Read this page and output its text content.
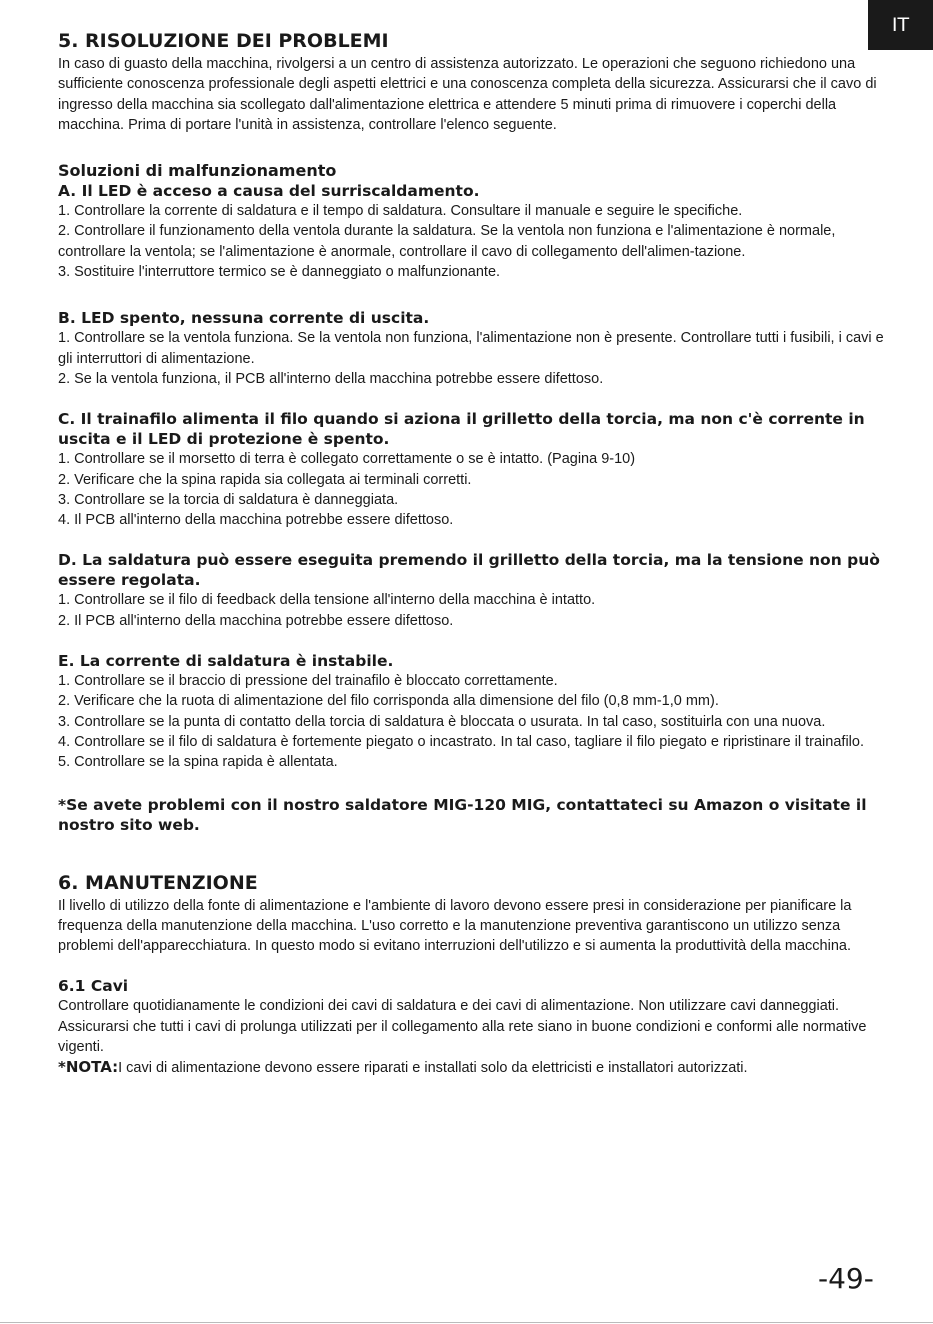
IT
5. RISOLUZIONE DEI PROBLEMI

In caso di guasto della macchina, rivolgersi a un centro di assistenza autorizzato. Le operazioni che seguono richiedono una sufficiente conoscenza professionale degli aspetti elettrici e una conoscenza completa della sicurezza. Assicurarsi che il cavo di ingresso della macchina sia scollegato dall'alimentazione elettrica e attendere 5 minuti prima di rimuovere i coperchi della macchina. Prima di portare l'unità in assistenza, controllare l'elenco seguente.

Soluzioni di malfunzionamento
A. Il LED è acceso a causa del surriscaldamento.

1. Controllare la corrente di saldatura e il tempo di saldatura. Consultare il manuale e seguire le specifiche.

2. Controllare il funzionamento della ventola durante la saldatura. Se la ventola non funziona e l'alimentazione è normale, controllare la ventola; se l'alimentazione è anormale, controllare il cavo di collegamento dell'alimen-tazione.

3. Sostituire l'interruttore termico se è danneggiato o malfunzionante.

B. LED spento, nessuna corrente di uscita.

1. Controllare se la ventola funziona. Se la ventola non funziona, l'alimentazione non è presente. Controllare tutti i fusibili, i cavi e gli interruttori di alimentazione.

2. Se la ventola funziona, il PCB all'interno della macchina potrebbe essere difettoso.

C. Il trainafilo alimenta il filo quando si aziona il grilletto della torcia, ma non c'è corrente in uscita e il LED di protezione è spento.

1. Controllare se il morsetto di terra è collegato correttamente o se è intatto. (Pagina 9-10)

2. Verificare che la spina rapida sia collegata ai terminali corretti.

3. Controllare se la torcia di saldatura è danneggiata.

4. Il PCB all'interno della macchina potrebbe essere difettoso.

D. La saldatura può essere eseguita premendo il grilletto della torcia, ma la tensione non può essere regolata.

1. Controllare se il filo di feedback della tensione all'interno della macchina è intatto.

2. Il PCB all'interno della macchina potrebbe essere difettoso.

E. La corrente di saldatura è instabile.

1. Controllare se il braccio di pressione del trainafilo è bloccato correttamente.

2. Verificare che la ruota di alimentazione del filo corrisponda alla dimensione del filo (0,8 mm-1,0 mm).

3. Controllare se la punta di contatto della torcia di saldatura è bloccata o usurata. In tal caso, sostituirla con una nuova.

4. Controllare se il filo di saldatura è fortemente piegato o incastrato. In tal caso, tagliare il filo piegato e ripristinare il trainafilo.

5. Controllare se la spina rapida è allentata.

*Se avete problemi con il nostro saldatore MIG-120 MIG, contattateci su Amazon o visitate il nostro sito web.
6. MANUTENZIONE

Il livello di utilizzo della fonte di alimentazione e l'ambiente di lavoro devono essere presi in considerazione per pianificare la frequenza della manutenzione della macchina. L'uso corretto e la manutenzione preventiva garantiscono un utilizzo senza problemi dell'apparecchiatura. In questo modo si evitano interruzioni dell'utilizzo e si aumenta la produttività della macchina.

6.1 Cavi

Controllare quotidianamente le condizioni dei cavi di saldatura e dei cavi di alimentazione. Non utilizzare cavi danneggiati. Assicurarsi che tutti i cavi di prolunga utilizzati per il collegamento alla rete siano in buone condizioni e conformi alle normative vigenti.

*NOTA:I cavi di alimentazione devono essere riparati e installati solo da elettricisti e installatori autorizzati.

-49-
